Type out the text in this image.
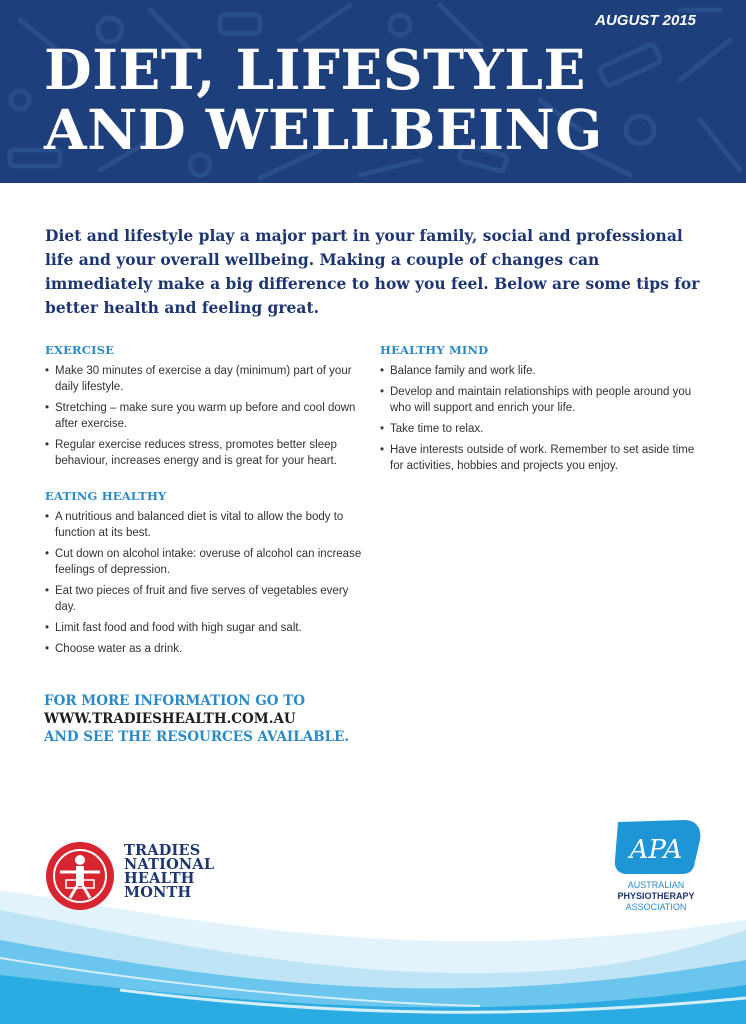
AUGUST 2015
DIET, LIFESTYLE
AND WELLBEING

Diet and lifestyle play a major part in your family, social and professional life and your overall wellbeing. Making a couple of changes can immediately make a big difference to how you feel. Below are some tips for better health and feeling great.

EXERCISE
• Make 30 minutes of exercise a day (minimum) part of your daily lifestyle.
• Stretching – make sure you warm up before and cool down after exercise.
• Regular exercise reduces stress, promotes better sleep behaviour, increases energy and is great for your heart.
EATING HEALTHY
• A nutritious and balanced diet is vital to allow the body to function at its best.
• Cut down on alcohol intake: overuse of alcohol can increase feelings of depression.
• Eat two pieces of fruit and five serves of vegetables every day.
• Limit fast food and food with high sugar and salt.
• Choose water as a drink.
HEALTHY MIND
• Balance family and work life.
• Develop and maintain relationships with people around you who will support and enrich your life.
• Take time to relax.
• Have interests outside of work. Remember to set aside time for activities, hobbies and projects you enjoy.
FOR MORE INFORMATION GO TO
WWW.TRADIESHEALTH.COM.AU
AND SEE THE RESOURCES AVAILABLE.
TRADIES
NATIONAL
HEALTH
MONTH
APA
AUSTRALIAN
PHYSIOTHERAPY
ASSOCIATION
